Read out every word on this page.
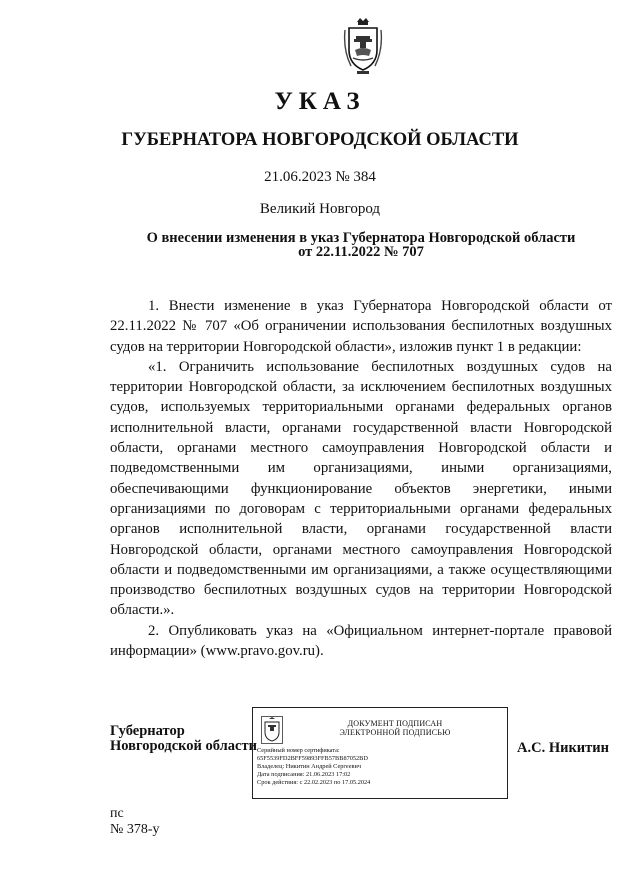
УКАЗ
ГУБЕРНАТОРА НОВГОРОДСКОЙ ОБЛАСТИ
21.06.2023 № 384
Великий Новгород
О внесении изменения в указ Губернатора Новгородской области
от 22.11.2022 № 707

1. Внести изменение в указ Губернатора Новгородской области от 22.11.2022 № 707 «Об ограничении использования беспилотных воздушных судов на территории Новгородской области», изложив пункт 1 в редакции:

«1. Ограничить использование беспилотных воздушных судов на территории Новгородской области, за исключением беспилотных воздушных судов, используемых территориальными органами федеральных органов исполнительной власти, органами государственной власти Новгородской области, органами местного самоуправления Новгородской области и подведомственными им организациями, иными организациями, обеспечивающими функционирование объектов энергетики, иными организациями по договорам с территориальными органами федеральных органов исполнительной власти, органами государственной власти Новгородской области, органами местного самоуправления Новгородской области и подведомственными им организациями, а также осуществляющими производство беспилотных воздушных судов на территории Новгородской области.».

2. Опубликовать указ на «Официальном интернет-портале правовой информации» (www.pravo.gov.ru).

Губернатор
Новгородской области
ДОКУМЕНТ ПОДПИСАН
ЭЛЕКТРОННОЙ ПОДПИСЬЮ
Серийный номер сертификата:
65F5539FD2BFF59893FFB57BB87052BD
Владелец: Никитин Андрей Сергеевич
Дата подписания: 21.06.2023 17:02
Срок действия: с 22.02.2023 по 17.05.2024
А.С. Никитин
пс
№ 378-у
